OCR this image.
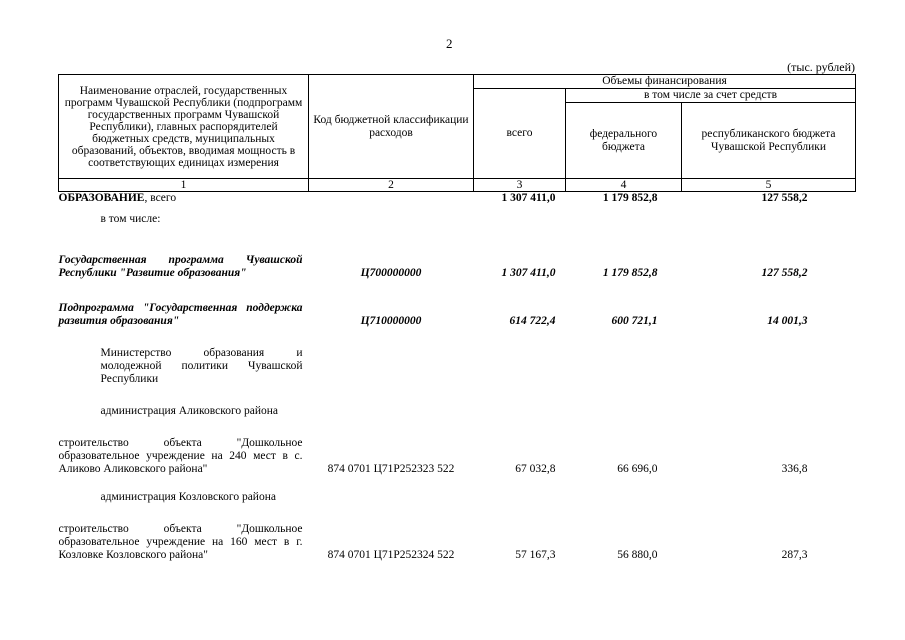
2
(тыс. рублей)
Наименование отраслей, государственных программ Чувашской Республики (подпрограмм государственных программ Чувашской Республики), главных распорядителей бюджетных средств, муниципальных образований, объектов, вводимая мощность в соответствующих единицах измерения	Код бюджетной классификации расходов	Объемы финансирования		
		всего	в том числе за счет средств	
			федерального бюджета	республиканского бюджета Чувашской Республики
1	2	3	4	5
ОБРАЗОВАНИЕ, всего		1 307 411,0	1 179 852,8	127 558,2
в том числе:				
Государственная программа Чувашской Республики "Развитие образования"	Ц700000000	1 307 411,0	1 179 852,8	127 558,2
Подпрограмма "Государственная поддержка развития образования"	Ц710000000	614 722,4	600 721,1	14 001,3
Министерство образования и молодежной политики Чувашской Республики				
администрация Аликовского района				
строительство объекта "Дошкольное образовательное учреждение на 240 мест в с. Аликово Аликовского района"	874 0701 Ц71Р252323 522	67 032,8	66 696,0	336,8
администрация Козловского района				
строительство объекта "Дошкольное образовательное учреждение на 160 мест в г. Козловке Козловского района"	874 0701 Ц71Р252324 522	57 167,3	56 880,0	287,3
